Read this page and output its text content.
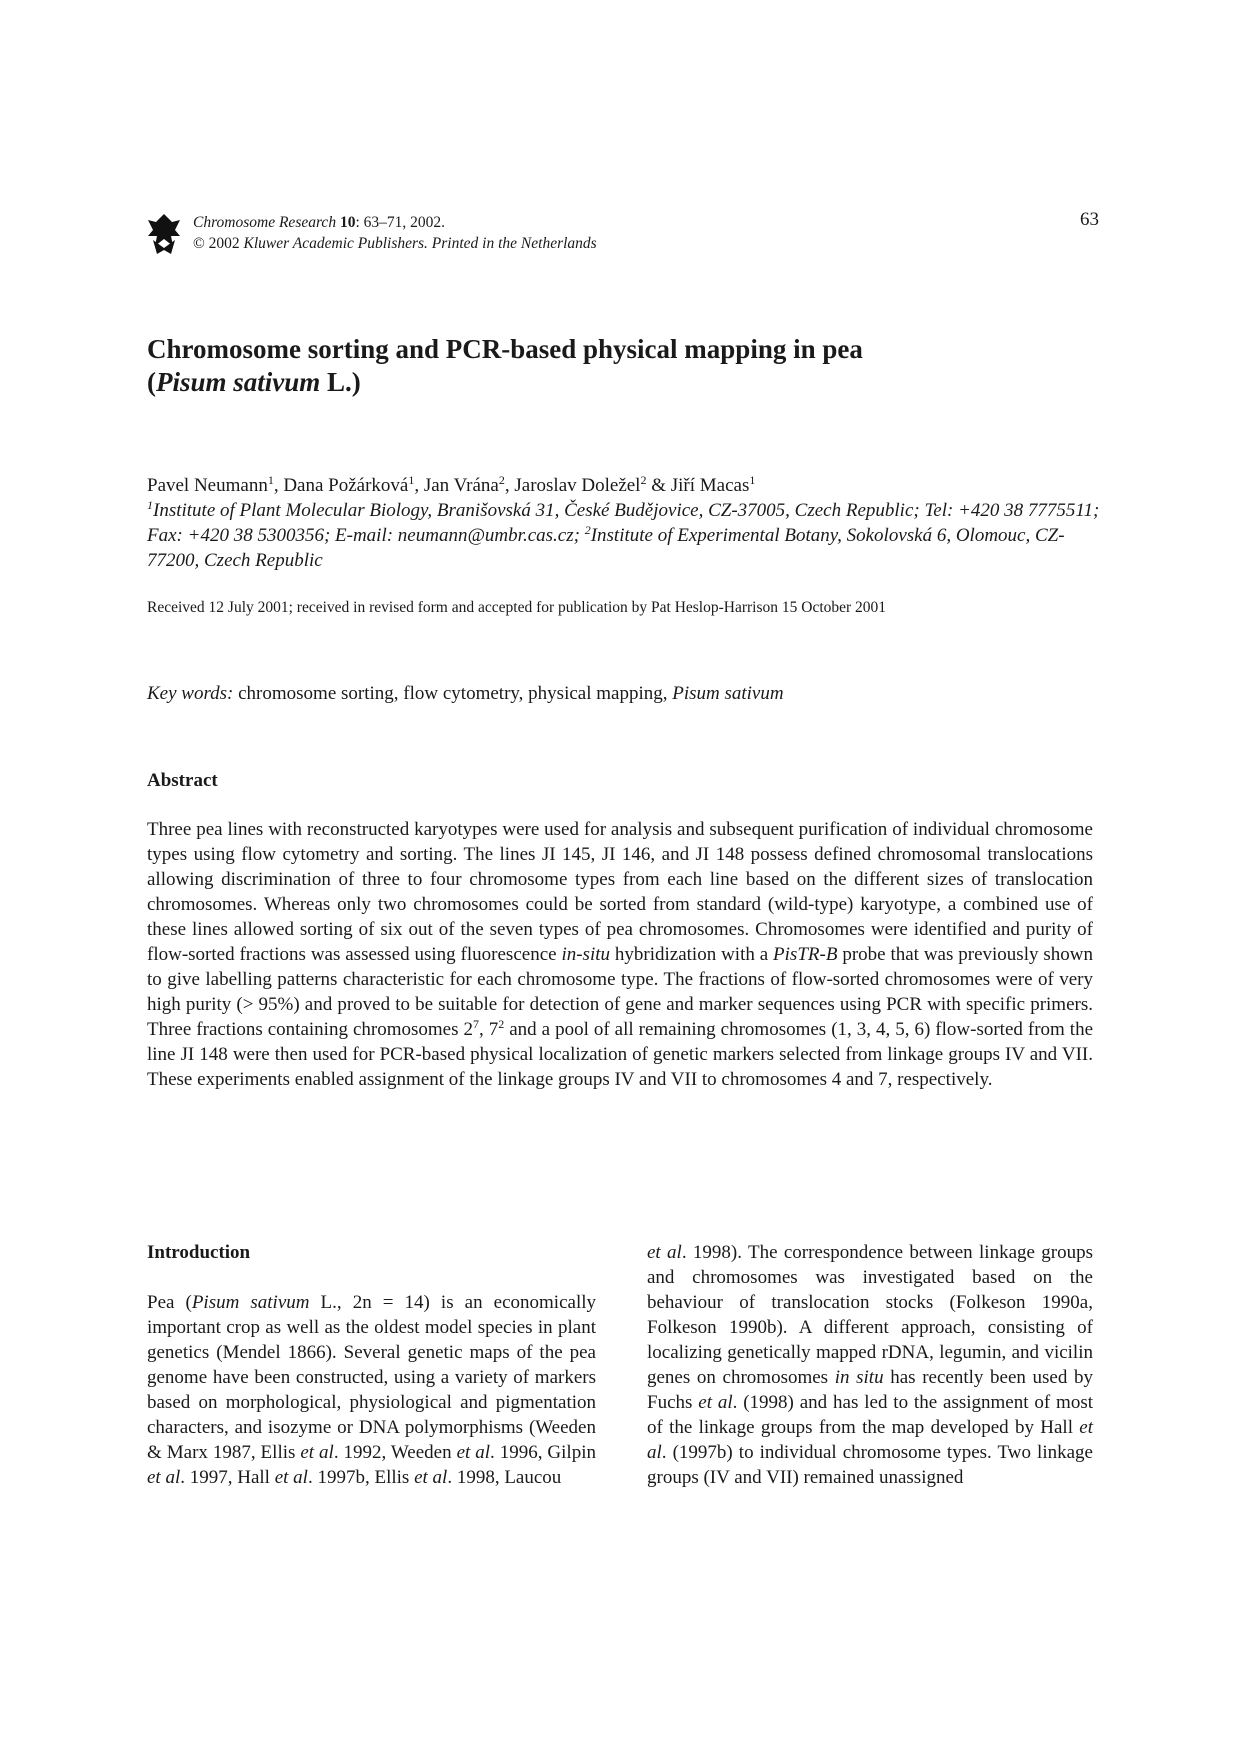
Chromosome Research 10: 63–71, 2002.
© 2002 Kluwer Academic Publishers. Printed in the Netherlands
63
Chromosome sorting and PCR-based physical mapping in pea
(Pisum sativum L.)
Pavel Neumann$^1$, Dana Požárková$^1$, Jan Vrána$^2$, Jaroslav Doležel$^2$ & Jiří Macas$^1$
$^1$Institute of Plant Molecular Biology, Branišovská 31, České Budějovice, CZ-37005, Czech Republic; Tel: +420 38 7775511; Fax: +420 38 5300356; E-mail: neumann@umbr.cas.cz; $^2$Institute of Experimental Botany, Sokolovská 6, Olomouc, CZ-77200, Czech Republic
Received 12 July 2001; received in revised form and accepted for publication by Pat Heslop-Harrison 15 October 2001
Key words: chromosome sorting, flow cytometry, physical mapping, Pisum sativum
Abstract

Three pea lines with reconstructed karyotypes were used for analysis and subsequent purification of individual chromosome types using flow cytometry and sorting. The lines JI 145, JI 146, and JI 148 possess defined chromosomal translocations allowing discrimination of three to four chromosome types from each line based on the different sizes of translocation chromosomes. Whereas only two chromosomes could be sorted from standard (wild-type) karyotype, a combined use of these lines allowed sorting of six out of the seven types of pea chromosomes. Chromosomes were identified and purity of flow-sorted fractions was assessed using fluorescence in-situ hybridization with a PisTR-B probe that was previously shown to give labelling patterns characteristic for each chromosome type. The fractions of flow-sorted chromosomes were of very high purity (> 95%) and proved to be suitable for detection of gene and marker sequences using PCR with specific primers. Three fractions containing chromosomes $2^7$, $7^2$ and a pool of all remaining chromosomes (1, 3, 4, 5, 6) flow-sorted from the line JI 148 were then used for PCR-based physical localization of genetic markers selected from linkage groups IV and VII. These experiments enabled assignment of the linkage groups IV and VII to chromosomes 4 and 7, respectively.

Introduction

Pea (Pisum sativum L., 2n = 14) is an economically important crop as well as the oldest model species in plant genetics (Mendel 1866). Several genetic maps of the pea genome have been constructed, using a variety of markers based on morphological, physiological and pigmentation characters, and isozyme or DNA polymorphisms (Weeden & Marx 1987, Ellis et al. 1992, Weeden et al. 1996, Gilpin et al. 1997, Hall et al. 1997b, Ellis et al. 1998, Laucou

et al. 1998). The correspondence between linkage groups and chromosomes was investigated based on the behaviour of translocation stocks (Folkeson 1990a, Folkeson 1990b). A different approach, consisting of localizing genetically mapped rDNA, legumin, and vicilin genes on chromosomes in situ has recently been used by Fuchs et al. (1998) and has led to the assignment of most of the linkage groups from the map developed by Hall et al. (1997b) to individual chromosome types. Two linkage groups (IV and VII) remained unassigned
